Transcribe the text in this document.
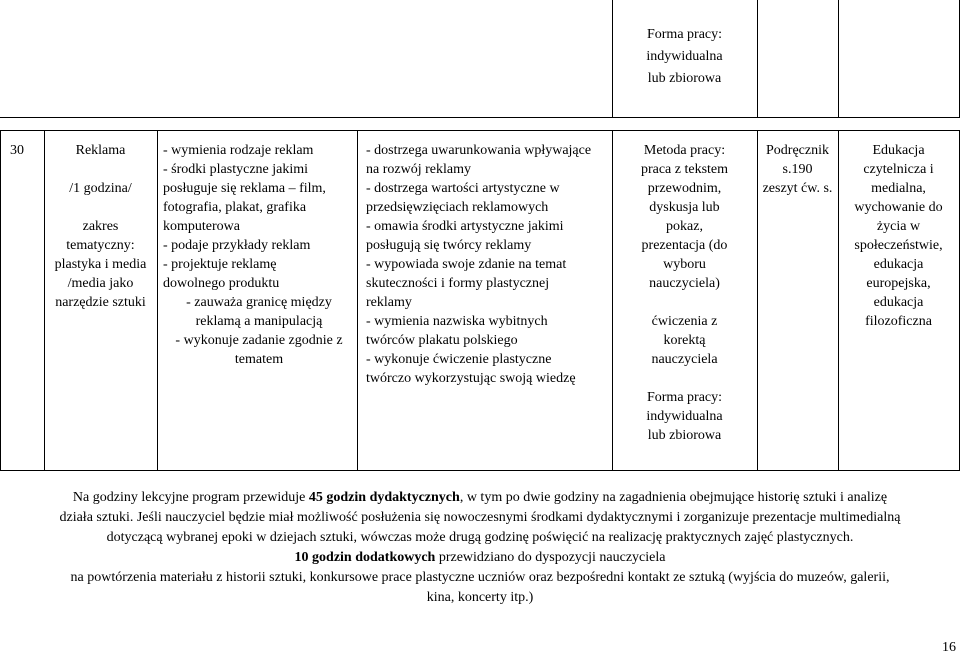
Forma pracy:
indywidualna
lub zbiorowa
30	Reklama

/1 godzina/

zakres
tematyczny:
plastyka i media
/media jako
narzędzie sztuki
- wymienia rodzaje reklam
- środki plastyczne jakimi
posługuje się reklama – film,
fotografia, plakat, grafika
komputerowa
- podaje przykłady reklam
- projektuje reklamę
dowolnego produktu
- zauważa granicę między
reklamą a manipulacją
- wykonuje zadanie zgodnie z
tematem
- dostrzega uwarunkowania wpływające
na rozwój reklamy
- dostrzega wartości artystyczne w
przedsięwzięciach reklamowych
- omawia środki artystyczne jakimi
posługują się twórcy reklamy
- wypowiada swoje zdanie na temat
skuteczności i formy plastycznej
reklamy
- wymienia nazwiska wybitnych
twórców plakatu polskiego
- wykonuje ćwiczenie plastyczne
twórczo wykorzystując swoją wiedzę
Metoda pracy:
praca z tekstem
przewodnim,
dyskusja lub
pokaz,
prezentacja (do
wyboru
nauczyciela)

ćwiczenia z
korektą
nauczyciela

Forma pracy:
indywidualna
lub zbiorowa
Podręcznik
s.190
zeszyt ćw. s.
Edukacja
czytelnicza i
medialna,
wychowanie do
życia w
społeczeństwie,
edukacja
europejska,
edukacja
filozoficzna
Na godziny lekcyjne program przewiduje 45 godzin dydaktycznych, w tym po dwie godziny na zagadnienia obejmujące historię sztuki i analizę
działa sztuki. Jeśli nauczyciel będzie miał możliwość posłużenia się nowoczesnymi środkami dydaktycznymi i zorganizuje prezentacje multimedialną
dotyczącą wybranej epoki w dziejach sztuki, wówczas może drugą godzinę poświęcić na realizację praktycznych zajęć plastycznych.
10 godzin dodatkowych przewidziano do dyspozycji nauczyciela
na powtórzenia materiału z historii sztuki, konkursowe prace plastyczne uczniów oraz bezpośredni kontakt ze sztuką (wyjścia do muzeów, galerii,
kina, koncerty itp.)
16
